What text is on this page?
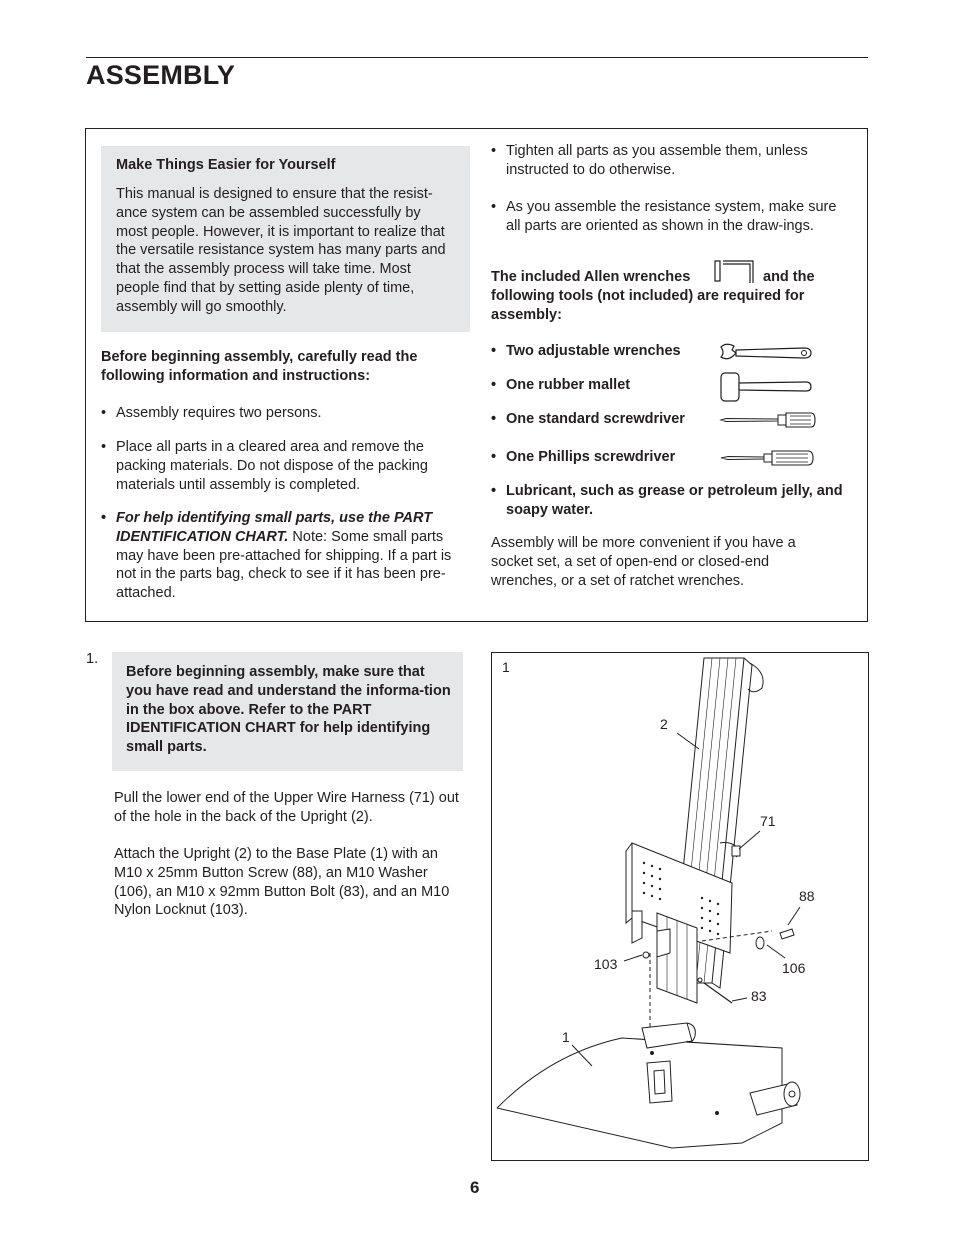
ASSEMBLY
Make Things Easier for Yourself
This manual is designed to ensure that the resist-ance system can be assembled successfully by most people. However, it is important to realize that the versatile resistance system has many parts and that the assembly process will take time. Most people find that by setting aside plenty of time, assembly will go smoothly.
Before beginning assembly, carefully read the following information and instructions:
• Assembly requires two persons.
• Place all parts in a cleared area and remove the packing materials. Do not dispose of the packing materials until assembly is completed.
• For help identifying small parts, use the PART IDENTIFICATION CHART. Note: Some small parts may have been pre-attached for shipping. If a part is not in the parts bag, check to see if it has been pre-attached.
• Tighten all parts as you assemble them, unless instructed to do otherwise.
• As you assemble the resistance system, make sure all parts are oriented as shown in the draw-ings.
The included Allen wrenches	and the
following tools (not included) are required for assembly:
• Two adjustable wrenches
• One rubber mallet
• One standard screwdriver
• One Phillips screwdriver
• Lubricant, such as grease or petroleum jelly, and soapy water.
Assembly will be more convenient if you have a socket set, a set of open-end or closed-end wrenches, or a set of ratchet wrenches.
1.
Before beginning assembly, make sure that you have read and understand the informa-tion in the box above. Refer to the PART IDENTIFICATION CHART for help identifying small parts.
Pull the lower end of the Upper Wire Harness (71) out of the hole in the back of the Upright (2).
Attach the Upright (2) to the Base Plate (1) with an M10 x 25mm Button Screw (88), an M10 Washer (106), an M10 x 92mm Button Bolt (83), and an M10 Nylon Locknut (103).
1
2
71
88
106
103
83
1
6
